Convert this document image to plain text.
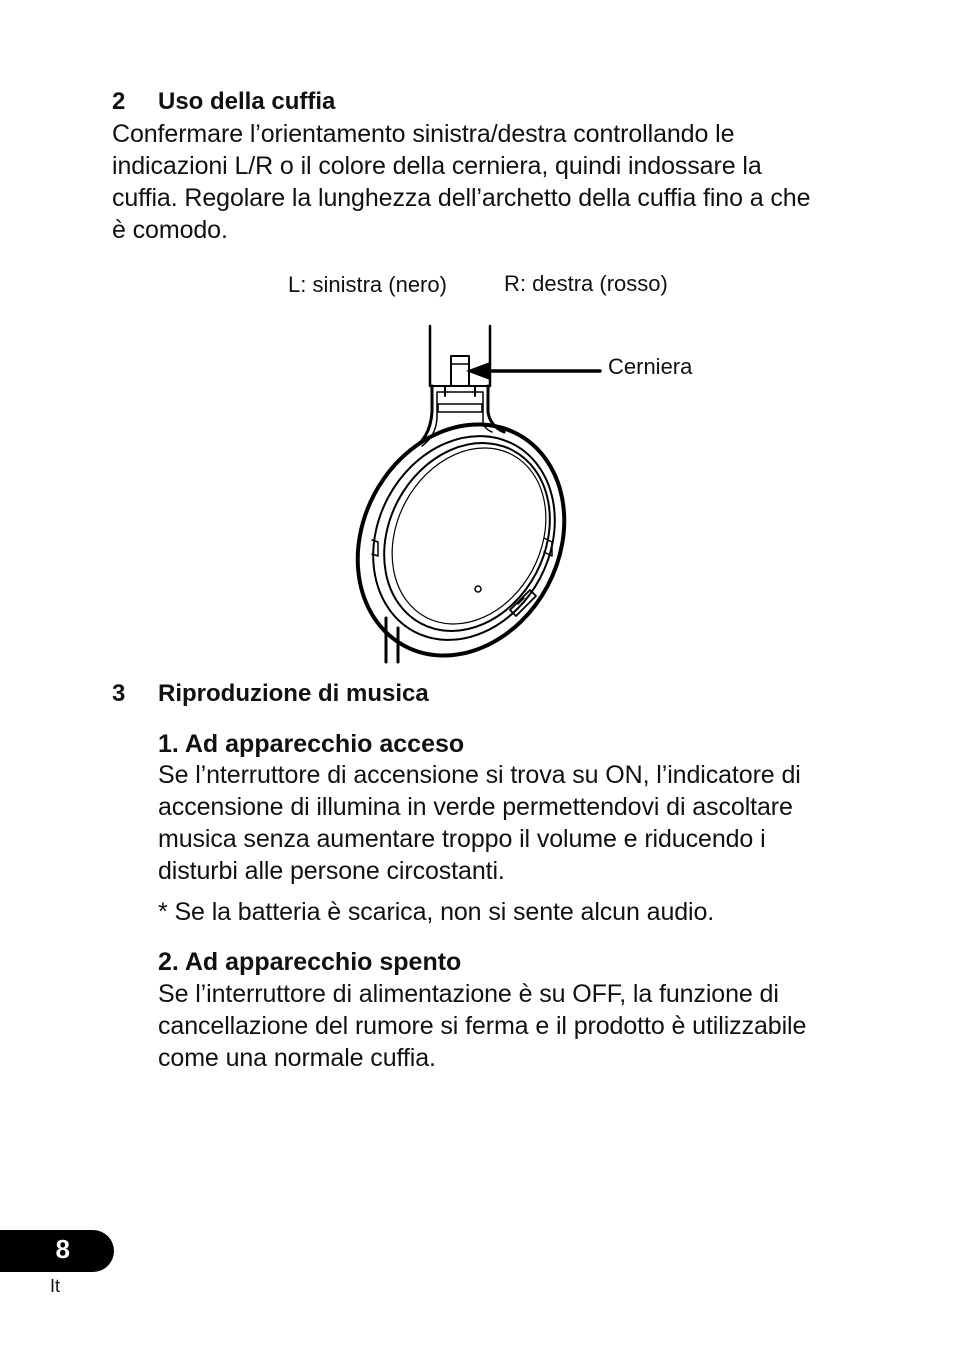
2 Uso della cuffia
Confermare l’orientamento sinistra/destra controllando le
indicazioni L/R o il colore della cerniera, quindi indossare la
cuffia. Regolare la lunghezza dell’archetto della cuffia fino a che
è comodo.
L: sinistra (nero)	R: destra (rosso)
Cerniera
3 Riproduzione di musica
1. Ad apparecchio acceso
Se l’nterruttore di accensione si trova su ON, l’indicatore di
accensione di illumina in verde permettendovi di ascoltare
musica senza aumentare troppo il volume e riducendo i
disturbi alle persone circostanti.
* Se la batteria è scarica, non si sente alcun audio.
2. Ad apparecchio spento
Se l’interruttore di alimentazione è su OFF, la funzione di
cancellazione del rumore si ferma e il prodotto è utilizzabile
come una normale cuffia.
8
It
